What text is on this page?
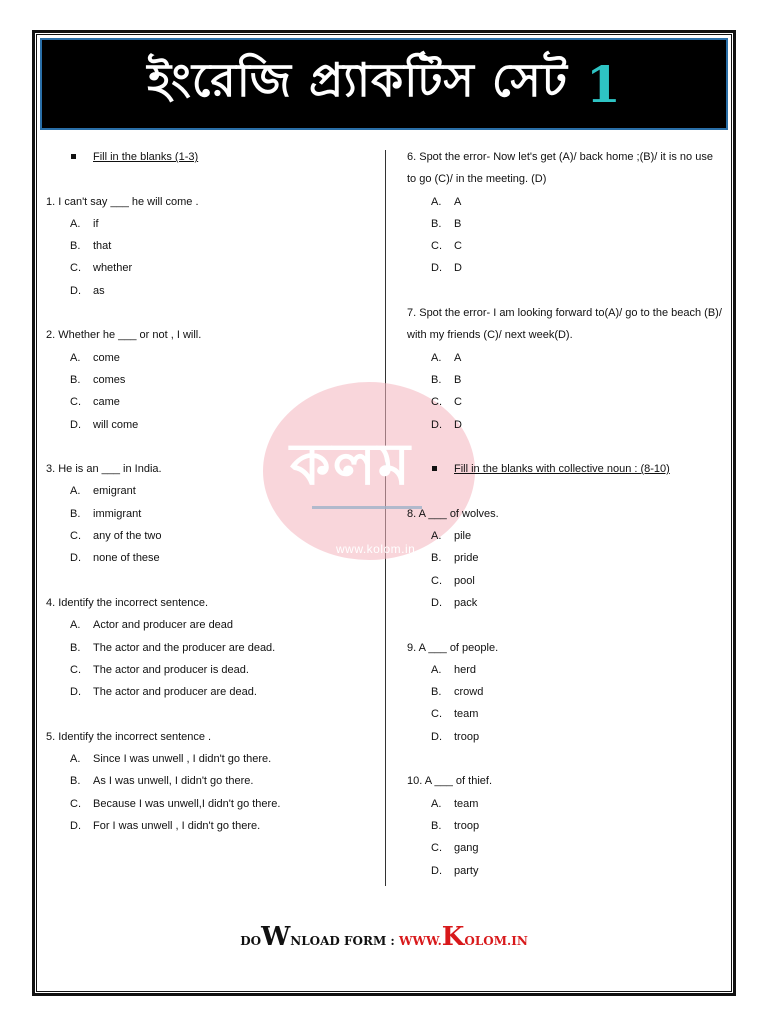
ইংরেজি প্র্যাকটিস সেট 1
কলম
www.kolom.in
Fill in the blanks (1-3)

1. I can't say ___ he will come .

A. if
B. that
C. whether
D. as

2. Whether he ___ or not , I will.

A. come
B. comes
C. came
D. will come

3. He is an ___ in India.

A. emigrant
B. immigrant
C. any of the two
D. none of these

4. Identify the incorrect sentence.

A. Actor and producer are dead
B. The actor and the producer are dead.
C. The actor and producer is dead.
D. The actor and producer are dead.

5. Identify the incorrect sentence .

A. Since I was unwell , I didn't go there.
B. As I was unwell, I didn't go there.
C. Because I was unwell,I didn't go there.
D. For I was unwell , I didn't go there.

6. Spot the error- Now let's get (A)/ back home ;(B)/ it is no use to go (C)/ in the meeting. (D)

A. A
B. B
C. C
D. D

7. Spot the error- I am looking forward to(A)/ go to the beach (B)/ with my friends (C)/ next week(D).

A. A
B. B
C. C
D. D
Fill in the blanks with collective noun : (8-10)

8. A ___ of wolves.

A. pile
B. pride
C. pool
D. pack

9. A ___ of people.

A. herd
B. crowd
C. team
D. troop

10. A ___ of thief.

A. team
B. troop
C. gang
D. party
DOWNLOAD FORM : WWW.KOLOM.IN
